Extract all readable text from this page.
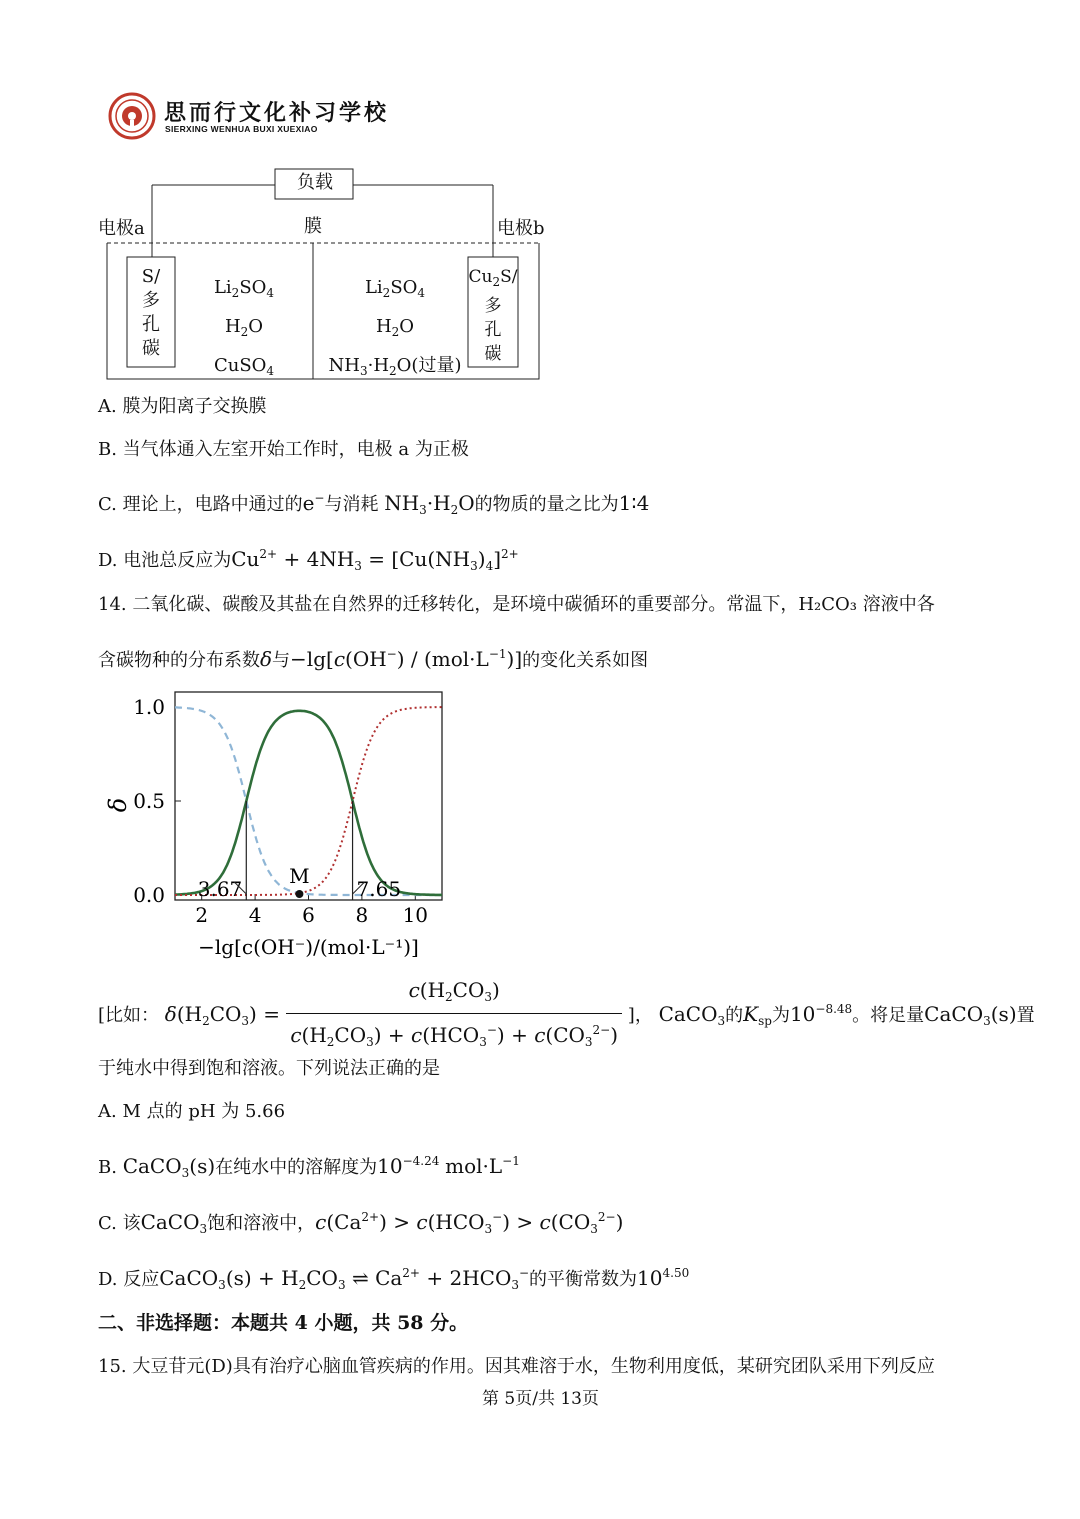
思而行文化补习学校
SIERXING WENHUA BUXI XUEXIAO
负载
电极a	膜	电极b
S/
多
孔
碳
$Cu_2S/$
多
孔
碳
$Li_2SO_4$
$H_2O$
CuSO$_4$
$Li_2SO_4$
$H_2O$
$NH_3\cdot H_2O$(过量)
A. 膜为阳离子交换膜
B. 当气体通入左室开始工作时，电极 a 为正极
C. 理论上，电路中通过的e−与消耗 $NH_3\cdot H_2O$的物质的量之比为1∶4
D. 电池总反应为$Cu^{2+} + 4NH_3 = [Cu(NH_3)_4]^{2+}$
14. 二氧化碳、碳酸及其盐在自然界的迁移转化，是环境中碳循环的重要部分。常温下，H₂CO₃ 溶液中各
含碳物种的分布系数δ与$-\lg[c(OH^-) / (mol\cdot L^{-1})]$的变化关系如图
0.0
0.5
1.0
2 4 6 8 10
δ
−lg[c(OH⁻)/(mol·L⁻¹)]
3.67	7.65
M
[比如： $\delta(H_2CO_3) = \frac{c(H_2CO_3)}{c(H_2CO_3) + c(HCO_3^-) + c(CO_3^{2-})}$ ]， CaCO$_3$的$K_{sp}$为$10^{-8.48}$。将足量CaCO$_3$(s)置
于纯水中得到饱和溶液。下列说法正确的是
A. M 点的 pH 为 5.66
B. CaCO$_3$(s)在纯水中的溶解度为$10^{-4.24}$ $mol\cdot L^{-1}$
C. 该CaCO$_3$饱和溶液中，$c(Ca^{2+}) > c(HCO_3^-) > c(CO_3^{2-})$
D. 反应CaCO$_3$(s) + $H_2CO_3$ ⇌ $Ca^{2+} + 2HCO_3^-$的平衡常数为$10^{4.50}$
二、非选择题：本题共 4 小题，共 58 分。
15. 大豆苷元(D)具有治疗心脑血管疾病的作用。因其难溶于水，生物利用度低，某研究团队采用下列反应
第 5页/共 13页
